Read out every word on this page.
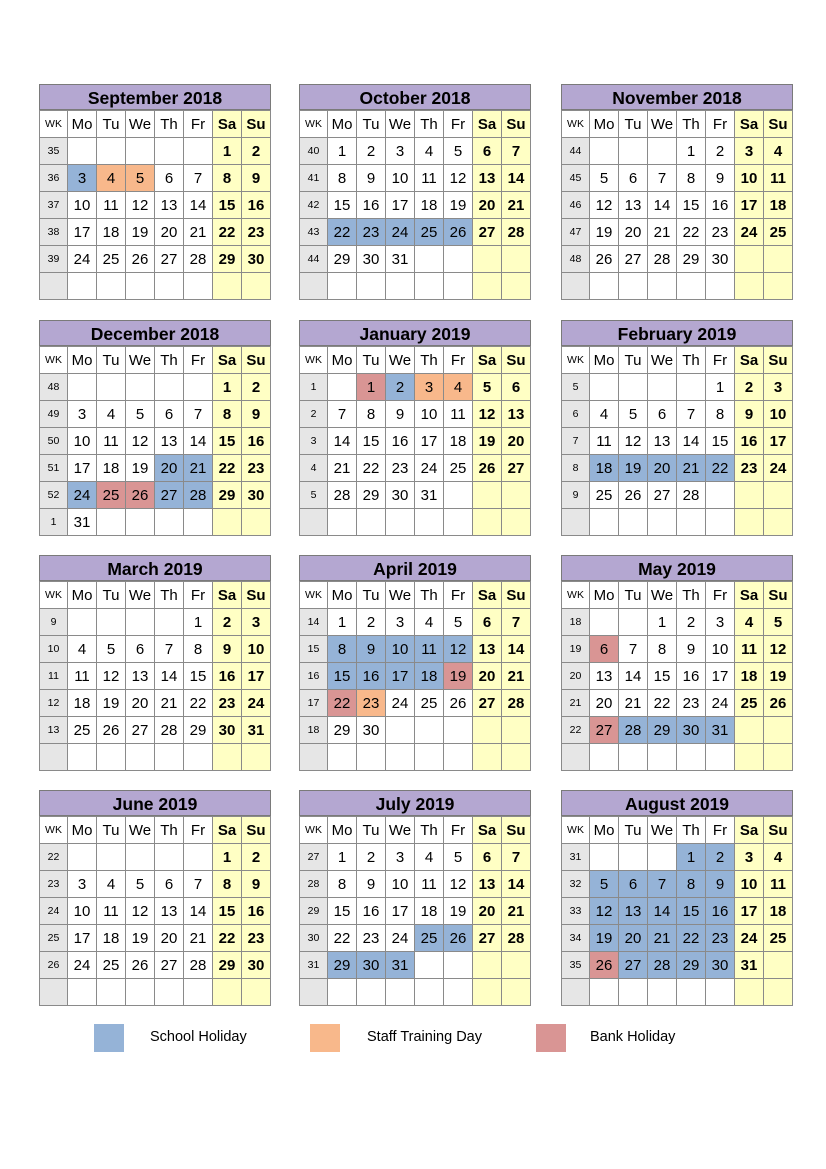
September 2018
WK	Mo	Tu	We	Th	Fr	Sa	Su
35						1	2
36	3	4	5	6	7	8	9
37	10	11	12	13	14	15	16
38	17	18	19	20	21	22	23
39	24	25	26	27	28	29	30

October 2018
WK	Mo	Tu	We	Th	Fr	Sa	Su
40	1	2	3	4	5	6	7
41	8	9	10	11	12	13	14
42	15	16	17	18	19	20	21
43	22	23	24	25	26	27	28
44	29	30	31				

November 2018
WK	Mo	Tu	We	Th	Fr	Sa	Su
44				1	2	3	4
45	5	6	7	8	9	10	11
46	12	13	14	15	16	17	18
47	19	20	21	22	23	24	25
48	26	27	28	29	30		

December 2018
WK	Mo	Tu	We	Th	Fr	Sa	Su
48						1	2
49	3	4	5	6	7	8	9
50	10	11	12	13	14	15	16
51	17	18	19	20	21	22	23
52	24	25	26	27	28	29	30
1	31						
January 2019
WK	Mo	Tu	We	Th	Fr	Sa	Su
1		1	2	3	4	5	6
2	7	8	9	10	11	12	13
3	14	15	16	17	18	19	20
4	21	22	23	24	25	26	27
5	28	29	30	31			

February 2019
WK	Mo	Tu	We	Th	Fr	Sa	Su
5					1	2	3
6	4	5	6	7	8	9	10
7	11	12	13	14	15	16	17
8	18	19	20	21	22	23	24
9	25	26	27	28			

March 2019
WK	Mo	Tu	We	Th	Fr	Sa	Su
9					1	2	3
10	4	5	6	7	8	9	10
11	11	12	13	14	15	16	17
12	18	19	20	21	22	23	24
13	25	26	27	28	29	30	31

April 2019
WK	Mo	Tu	We	Th	Fr	Sa	Su
14	1	2	3	4	5	6	7
15	8	9	10	11	12	13	14
16	15	16	17	18	19	20	21
17	22	23	24	25	26	27	28
18	29	30					

May 2019
WK	Mo	Tu	We	Th	Fr	Sa	Su
18			1	2	3	4	5
19	6	7	8	9	10	11	12
20	13	14	15	16	17	18	19
21	20	21	22	23	24	25	26
22	27	28	29	30	31		

June 2019
WK	Mo	Tu	We	Th	Fr	Sa	Su
22						1	2
23	3	4	5	6	7	8	9
24	10	11	12	13	14	15	16
25	17	18	19	20	21	22	23
26	24	25	26	27	28	29	30

July 2019
WK	Mo	Tu	We	Th	Fr	Sa	Su
27	1	2	3	4	5	6	7
28	8	9	10	11	12	13	14
29	15	16	17	18	19	20	21
30	22	23	24	25	26	27	28
31	29	30	31				

August 2019
WK	Mo	Tu	We	Th	Fr	Sa	Su
31				1	2	3	4
32	5	6	7	8	9	10	11
33	12	13	14	15	16	17	18
34	19	20	21	22	23	24	25
35	26	27	28	29	30	31	

School Holiday	Staff Training Day	Bank Holiday
